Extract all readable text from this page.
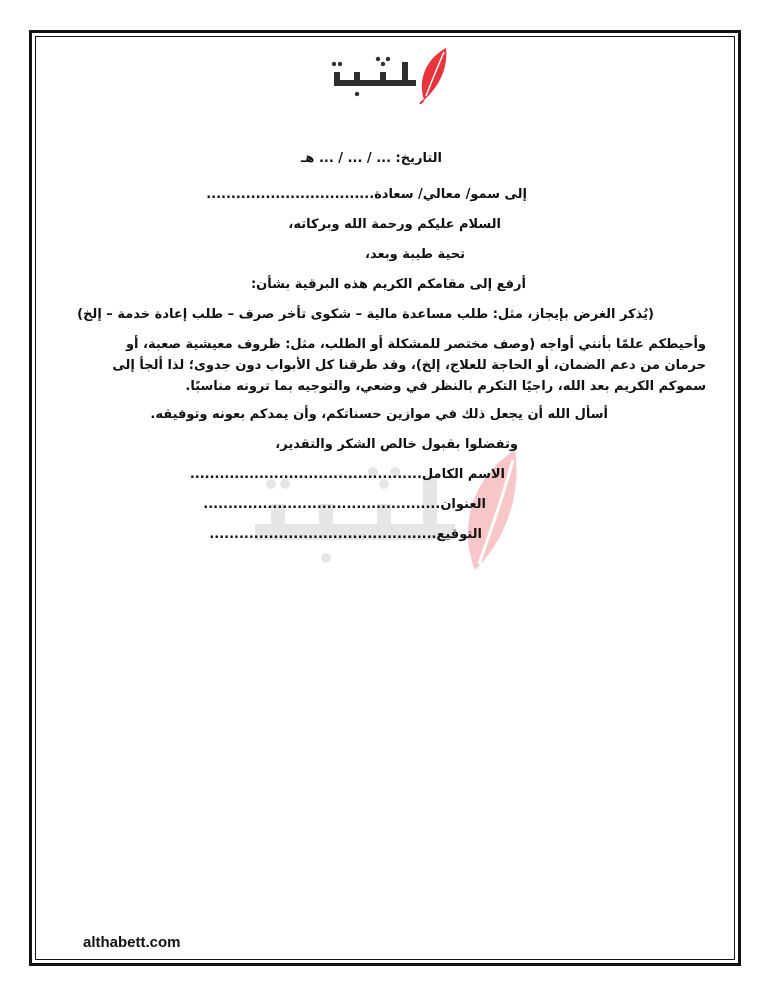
التاريخ: ... / ... / ... هـ
إلى سمو/ معالي/ سعادة..................................
السلام عليكم ورحمة الله وبركاته،
تحية طيبة وبعد،
أرفع إلى مقامكم الكريم هذه البرقية بشأن:
(يُذكر الغرض بإيجاز، مثل: طلب مساعدة مالية – شكوى تأخر صرف – طلب إعادة خدمة – إلخ)
وأحيطكم علمًا بأنني أواجه (وصف مختصر للمشكلة أو الطلب، مثل: ظروف معيشية صعبة، أو حرمان من دعم الضمان، أو الحاجة للعلاج، إلخ)، وقد طرقنا كل الأبواب دون جدوى؛ لذا ألجأ إلى سموكم الكريم بعد الله، راجيًا التكرم بالنظر في وضعي، والتوجيه بما ترونه مناسبًا.
أسأل الله أن يجعل ذلك في موازين حسناتكم، وأن يمدكم بعونه وتوفيقه.
وتفضلوا بقبول خالص الشكر والتقدير،
الاسم الكامل...............................................
العنوان................................................
التوقيع..............................................
althabett.com
